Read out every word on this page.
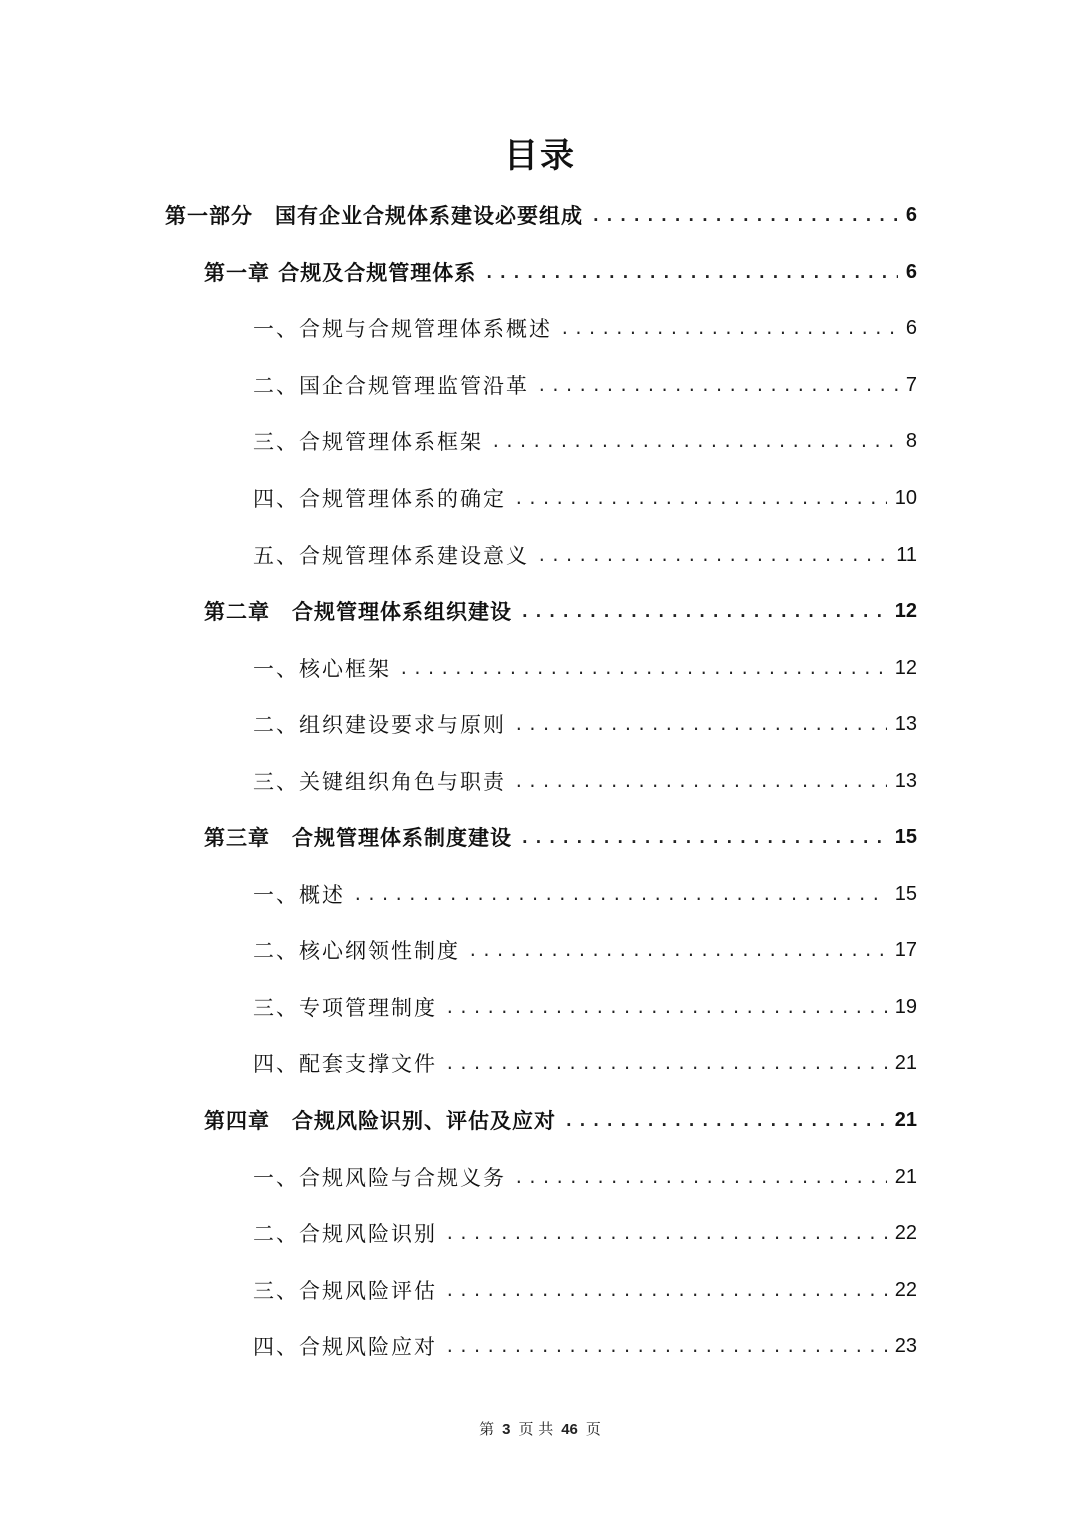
目录
第一部分　国有企业合规体系建设必要组成 .....	6
第一章 合规及合规管理体系 .....	6
一、合规与合规管理体系概述 .....	6
二、国企合规管理监管沿革 .....	7
三、合规管理体系框架 .....	8
四、合规管理体系的确定 .....	10
五、合规管理体系建设意义 .....	11
第二章　合规管理体系组织建设 .....	12
一、核心框架 .....	12
二、组织建设要求与原则 .....	13
三、关键组织角色与职责 .....	13
第三章　合规管理体系制度建设 .....	15
一、概述 .....	15
二、核心纲领性制度 .....	17
三、专项管理制度 .....	19
四、配套支撑文件 .....	21
第四章　合规风险识别、评估及应对 .....	21
一、合规风险与合规义务 .....	21
二、合规风险识别 .....	22
三、合规风险评估 .....	22
四、合规风险应对 .....	23
第 3 页 共 46 页
